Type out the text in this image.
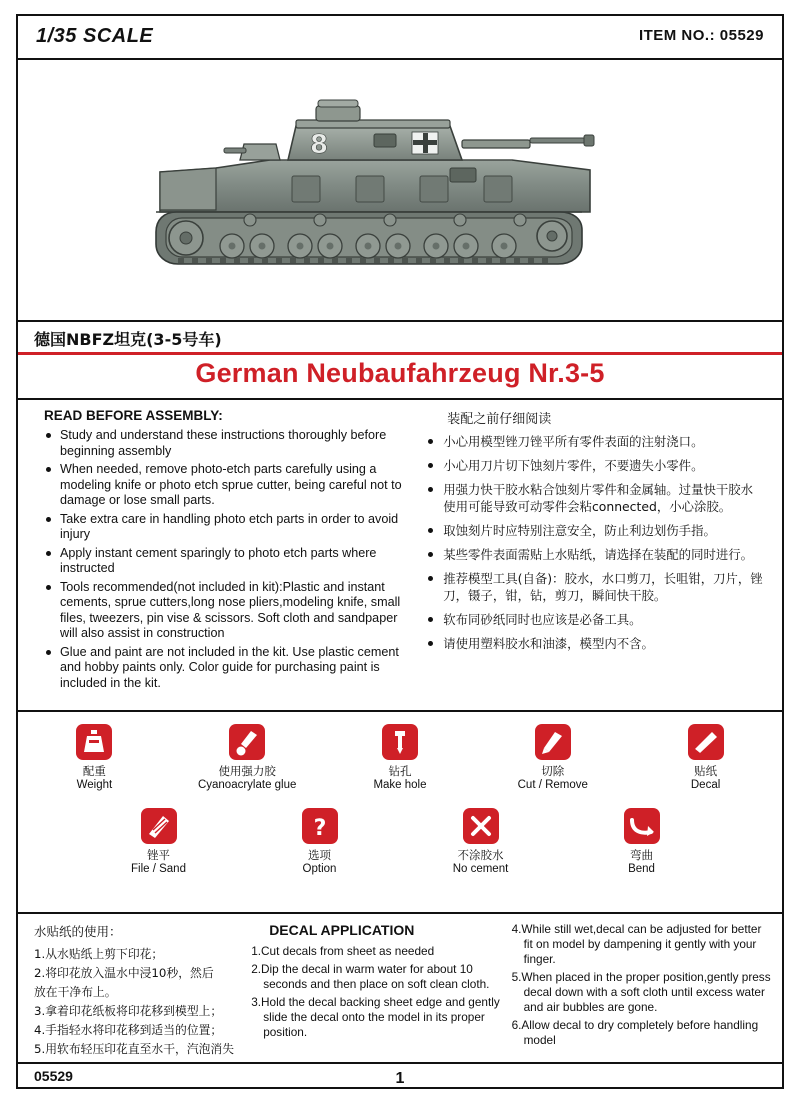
1/35 SCALE	ITEM NO.: 05529
8
德国NBFZ坦克(3-5号车)
German Neubaufahrzeug Nr.3-5
READ BEFORE ASSEMBLY:
Study and understand these instructions thoroughly before beginning assembly
When needed, remove photo-etch parts carefully using a modeling knife or photo etch sprue cutter, being careful not to damage or lose small parts.
Take extra care in handling photo etch parts in order to avoid injury
Apply instant cement sparingly to photo etch parts where instructed
Tools recommended(not included in kit):Plastic and instant cements, sprue cutters,long nose pliers,modeling knife, small files, tweezers, pin vise & scissors. Soft cloth and sandpaper will also assist in construction
Glue and paint are not included in the kit. Use plastic cement and hobby paints only. Color guide for purchasing paint is included in the kit.
装配之前仔细阅读
小心用模型锉刀锉平所有零件表面的注射浇口。
小心用刀片切下蚀刻片零件，不要遗失小零件。
用强力快干胶水粘合蚀刻片零件和金属轴。过量快干胶水
使用可能导致可动零件会粘connected，小心涂胶。
取蚀刻片时应特别注意安全，防止利边划伤手指。
某些零件表面需贴上水贴纸，请选择在装配的同时进行。
推荐模型工具(自备)：胶水，水口剪刀，长咀钳，刀片，锉刀，镊子，钳，钻，剪刀，瞬间快干胶。
软布同砂纸同时也应该是必备工具。
请使用塑料胶水和油漆，模型内不含。
配重
Weight
使用强力胶
Cyanoacrylate glue
钻孔
Make hole
切除
Cut / Remove
贴纸
Decal
锉平
File / Sand
?
选项
Option
不涂胶水
No cement
弯曲
Bend
水贴纸的使用：
1.从水贴纸上剪下印花；
2.将印花放入温水中浸10秒，然后
放在干净布上。
3.拿着印花纸板将印花移到模型上；
4.手指轻水将印花移到适当的位置；
5.用软布轻压印花直至水干，汽泡消失
DECAL APPLICATION
1.Cut decals from sheet as needed
2.Dip the decal in warm water for about 10 seconds and then place on soft clean cloth.
3.Hold the decal backing sheet edge and gently slide the decal onto the model in its proper position.
4.While still wet,decal can be adjusted for better fit on model by dampening it gently with your finger.
5.When placed in the proper position,gently press decal down with a soft cloth until excess water and air bubbles are gone.
6.Allow decal to dry completely before handling model
05529	1
